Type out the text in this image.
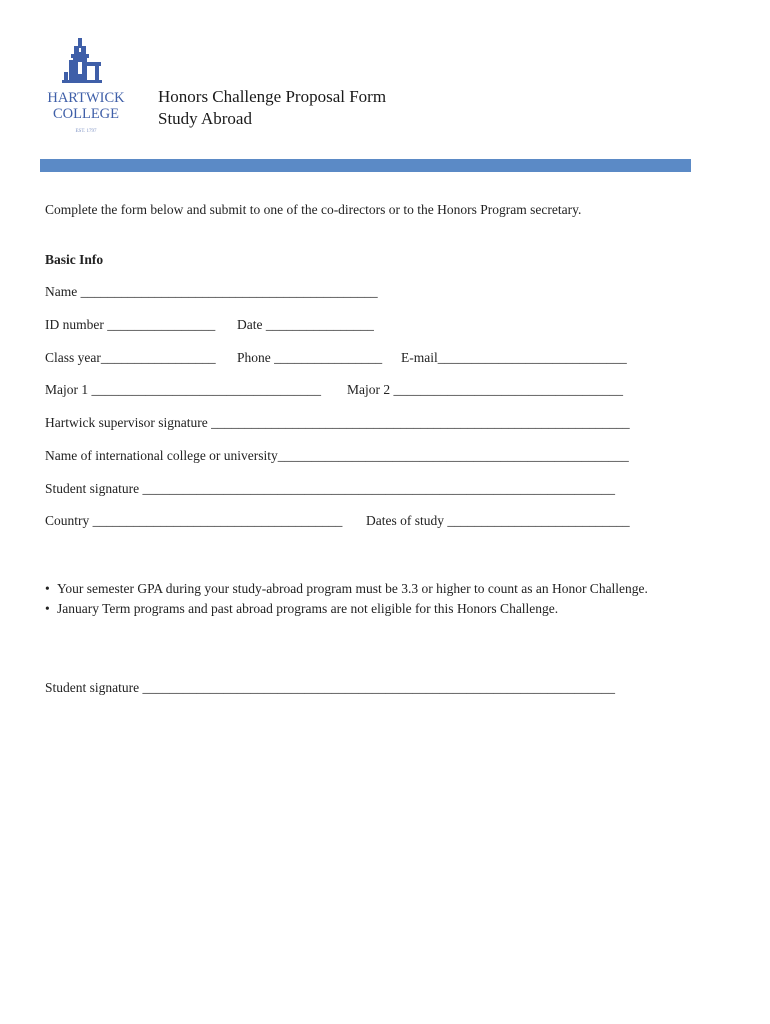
HARTWICK
COLLEGE
EST. 1797
Honors Challenge Proposal Form
Study Abroad
Complete the form below and submit to one of the co-directors or to the Honors Program secretary.
Basic Info
Name ____________________________________________
ID number ________________ Date ________________
Class year_________________ Phone ________________ E-mail____________________________
Major 1 __________________________________ Major 2 __________________________________
Hartwick supervisor signature ______________________________________________________________
Name of international college or university____________________________________________________
Student signature ______________________________________________________________________
Country _____________________________________ Dates of study ___________________________
• Your semester GPA during your study-abroad program must be 3.3 or higher to count as an Honor Challenge.
• January Term programs and past abroad programs are not eligible for this Honors Challenge.
Student signature ______________________________________________________________________
